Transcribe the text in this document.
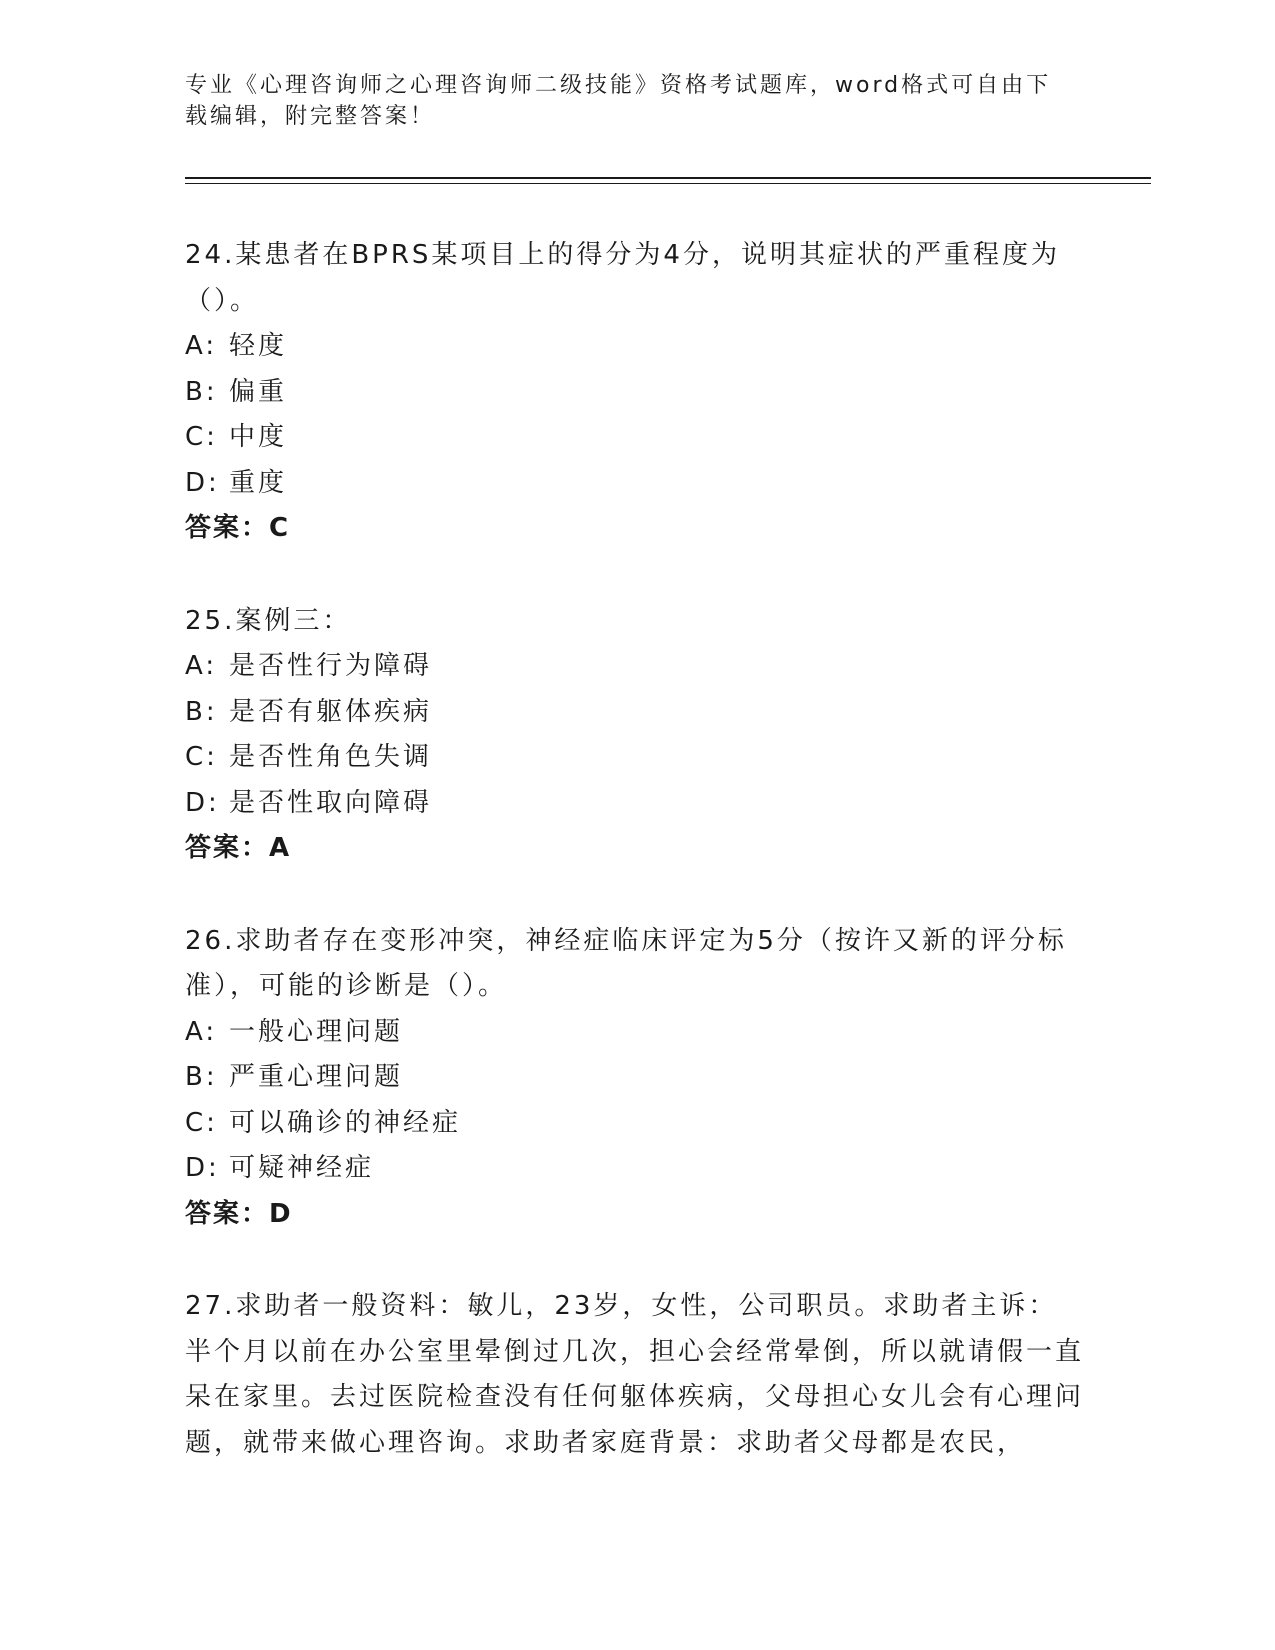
专业《心理咨询师之心理咨询师二级技能》资格考试题库，word格式可自由下载编辑，附完整答案！
24.某患者在BPRS某项目上的得分为4分，说明其症状的严重程度为（）。
A: 轻度
B: 偏重
C: 中度
D: 重度
答案：C
25.案例三：
A: 是否性行为障碍
B: 是否有躯体疾病
C: 是否性角色失调
D: 是否性取向障碍
答案：A
26.求助者存在变形冲突，神经症临床评定为5分（按许又新的评分标准），可能的诊断是（）。
A: 一般心理问题
B: 严重心理问题
C: 可以确诊的神经症
D: 可疑神经症
答案：D
27.求助者一般资料：敏儿，23岁，女性，公司职员。求助者主诉：半个月以前在办公室里晕倒过几次，担心会经常晕倒，所以就请假一直呆在家里。去过医院检查没有任何躯体疾病，父母担心女儿会有心理问题，就带来做心理咨询。求助者家庭背景：求助者父母都是农民，
